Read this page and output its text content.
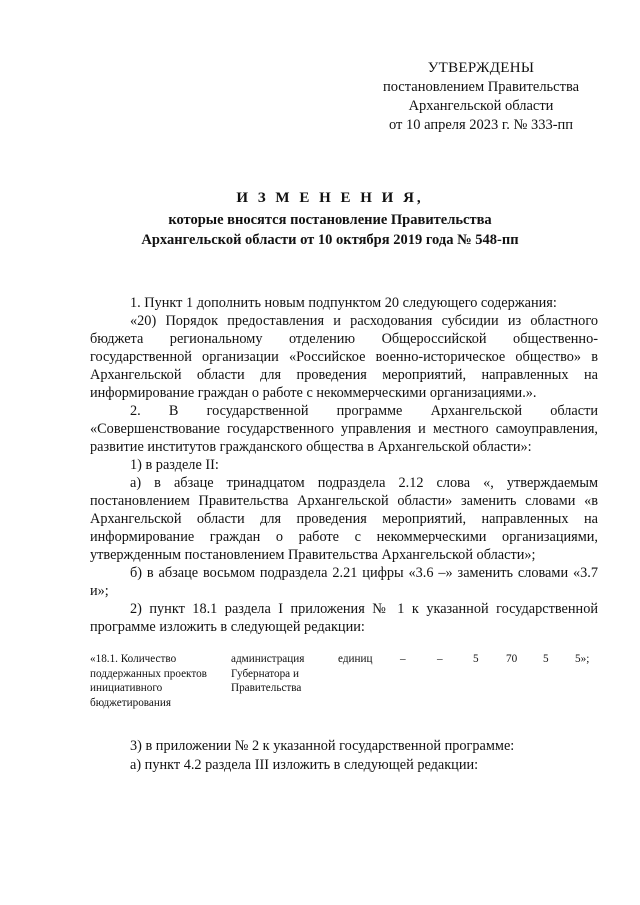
УТВЕРЖДЕНЫ
постановлением Правительства
Архангельской области
от 10 апреля 2023 г. № 333-пп
И З М Е Н Е Н И Я,
которые вносятся постановление Правительства
Архангельской области от 10 октября 2019 года № 548-пп

1. Пункт 1 дополнить новым подпунктом 20 следующего содержания:

«20) Порядок предоставления и расходования субсидии из областного бюджета региональному отделению Общероссийской общественно-государственной организации «Российское военно-историческое общество» в Архангельской области для проведения мероприятий, направленных на информирование граждан о работе с некоммерческими организациями.».

2. В государственной программе Архангельской области «Совершенствование государственного управления и местного самоуправления, развитие институтов гражданского общества в Архангельской области»:

1) в разделе II:

а) в абзаце тринадцатом подраздела 2.12 слова «, утверждаемым постановлением Правительства Архангельской области» заменить словами «в Архангельской области для проведения мероприятий, направленных на информирование граждан о работе с некоммерческими организациями, утвержденным постановлением Правительства Архангельской области»;

б) в абзаце восьмом подраздела 2.21 цифры «3.6 –» заменить словами «3.7 и»;

2) пункт 18.1 раздела I приложения № 1 к указанной государственной программе изложить в следующей редакции:

«18.1. Количество поддержанных проектов инициативного бюджетирования
администрация Губернатора и Правительства
единиц –	–	5 70 5 5»;

3) в приложении № 2 к указанной государственной программе:

а) пункт 4.2 раздела III изложить в следующей редакции:
